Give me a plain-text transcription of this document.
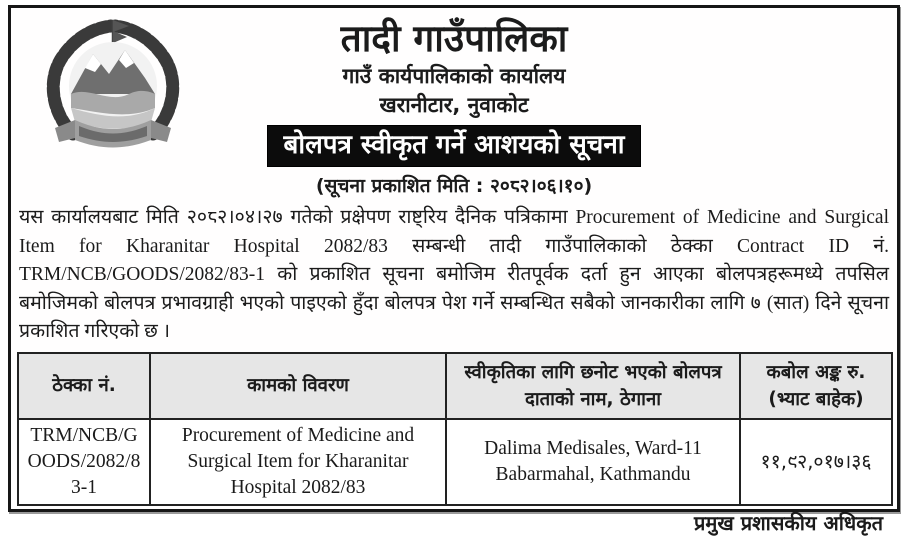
तादी गाउँपालिका
गाउँ कार्यपालिकाको कार्यालय
खरानीटार, नुवाकोट
बोलपत्र स्वीकृत गर्ने आशयको सूचना
(सूचना प्रकाशित मिति : २०८२।०६।१०)
यस कार्यालयबाट मिति २०८२।०४।२७ गतेको प्रक्षेपण राष्ट्रिय दैनिक पत्रिकामा Procurement of Medicine and Surgical Item for Kharanitar Hospital 2082/83 सम्बन्धी तादी गाउँपालिकाको ठेक्का Contract ID नं. TRM/NCB/GOODS/2082/83-1 को प्रकाशित सूचना बमोजिम रीतपूर्वक दर्ता हुन आएका बोलपत्रहरूमध्ये तपसिल बमोजिमको बोलपत्र प्रभावग्राही भएको पाइएको हुँदा बोलपत्र पेश गर्ने सम्बन्धित सबैको जानकारीका लागि ७ (सात) दिने सूचना प्रकाशित गरिएको छ ।
ठेक्का नं.	कामको विवरण	स्वीकृतिका लागि छनोट भएको बोलपत्र दाताको नाम, ठेगाना	कबोल अङ्क रु. (भ्याट बाहेक)
TRM/NCB/GOODS/2082/83-1	Procurement of Medicine and Surgical Item for Kharanitar Hospital 2082/83	Dalima Medisales, Ward-11 Babarmahal, Kathmandu	११,९२,०१७।३६
प्रमुख प्रशासकीय अधिकृत
